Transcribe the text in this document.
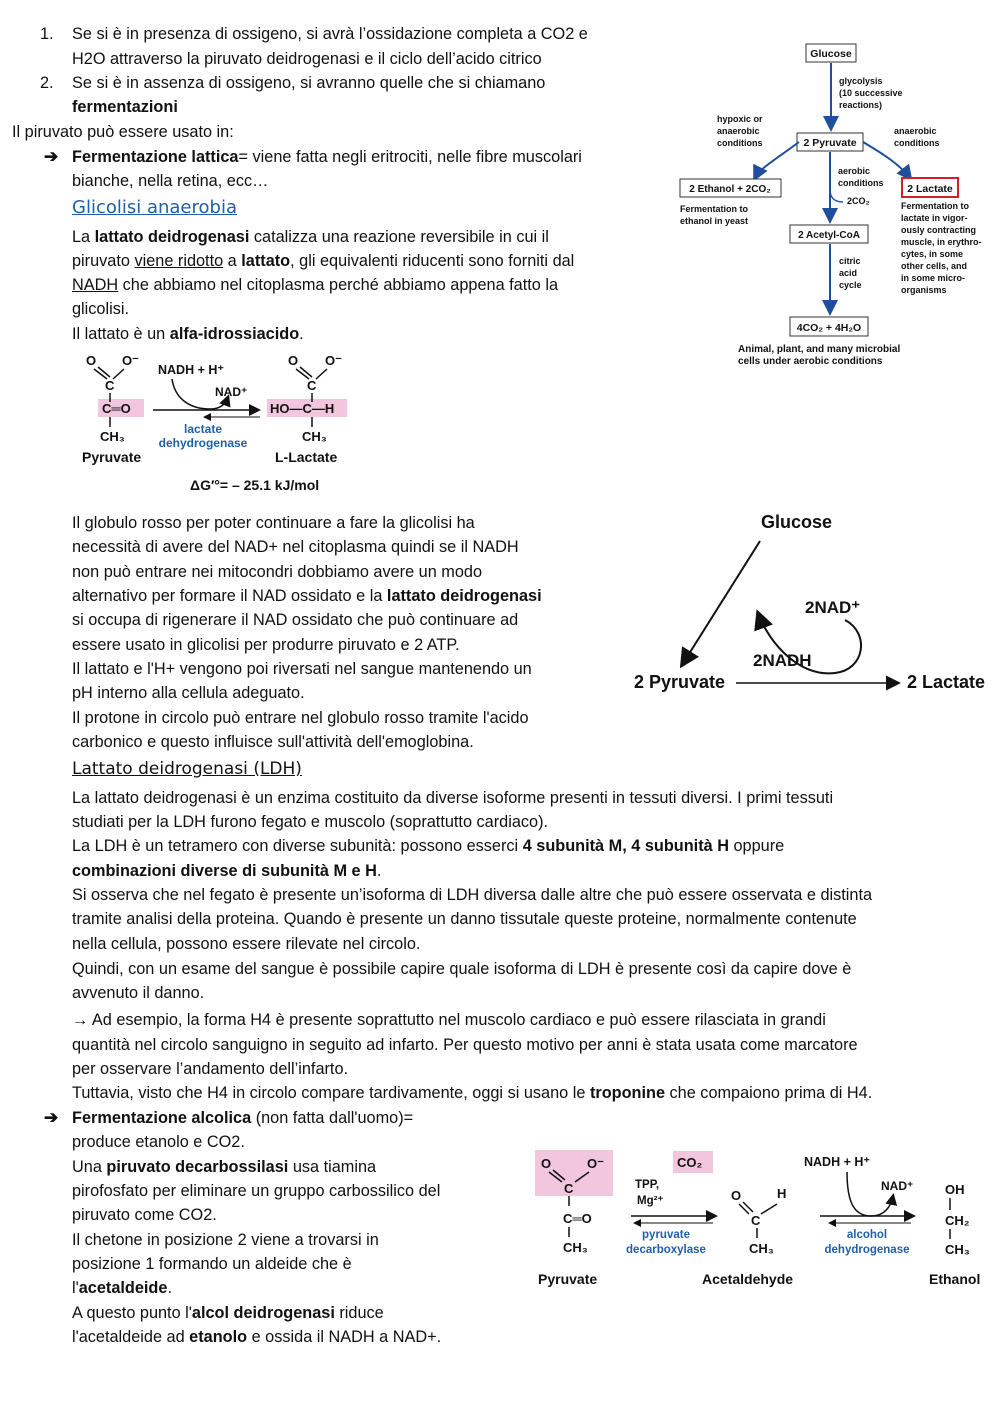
1. Se si è in presenza di ossigeno, si avrà l’ossidazione completa a CO2 e
H2O attraverso la piruvato deidrogenasi e il ciclo dell’acido citrico
2. Se si è in assenza di ossigeno, si avranno quelle che si chiamano
fermentazioni
Il piruvato può essere usato in:
➔ Fermentazione lattica= viene fatta negli eritrociti, nelle fibre muscolari
bianche, nella retina, ecc…
Glicolisi anaerobia
La lattato deidrogenasi catalizza una reazione reversibile in cui il
piruvato viene ridotto a lattato, gli equivalenti riducenti sono forniti dal
NADH che abbiamo nel citoplasma perché abbiamo appena fatto la
glicolisi.
Il lattato è un alfa-idrossiacido.
Glucose
glycolysis
(10 successive
reactions)
hypoxic or
anaerobic
conditions	2 Pyruvate
anaerobic
conditions
aerobic
conditions
2CO₂
2 Ethanol + 2CO₂
Fermentation to
ethanol in yeast
2 Lactate
Fermentation to
lactate in vigor-
ously contracting
muscle, in erythro-
cytes, in some
other cells, and
in some micro-
organisms
2 Acetyl-CoA
citric
acid
cycle
4CO₂ + 4H₂O
Animal, plant, and many microbial
cells under aerobic conditions
O O⁻
C
C═O
CH₃
Pyruvate
NADH + H⁺
NAD⁺
lactate
dehydrogenase
O O⁻
C
HO—C—H
CH₃
L-Lactate
ΔG′°= – 25.1 kJ/mol
Il globulo rosso per poter continuare a fare la glicolisi ha
necessità di avere del NAD+ nel citoplasma quindi se il NADH
non può entrare nei mitocondri dobbiamo avere un modo
alternativo per formare il NAD ossidato e la lattato deidrogenasi
si occupa di rigenerare il NAD ossidato che può continuare ad
essere usato in glicolisi per produrre piruvato e 2 ATP.
Il lattato e l'H+ vengono poi riversati nel sangue mantenendo un
pH interno alla cellula adeguato.
Il protone in circolo può entrare nel globulo rosso tramite l'acido
carbonico e questo influisce sull'attività dell'emoglobina.
Glucose
2NAD⁺
2NADH
2 Pyruvate	2 Lactate
Lattato deidrogenasi (LDH)
La lattato deidrogenasi è un enzima costituito da diverse isoforme presenti in tessuti diversi. I primi tessuti
studiati per la LDH furono fegato e muscolo (soprattutto cardiaco).
La LDH è un tetramero con diverse subunità: possono esserci 4 subunità M, 4 subunità H oppure
combinazioni diverse di subunità M e H.
Si osserva che nel fegato è presente un’isoforma di LDH diversa dalle altre che può essere osservata e distinta
tramite analisi della proteina. Quando è presente un danno tissutale queste proteine, normalmente contenute
nella cellula, possono essere rilevate nel circolo.
Quindi, con un esame del sangue è possibile capire quale isoforma di LDH è presente così da capire dove è
avvenuto il danno.
→ Ad esempio, la forma H4 è presente soprattutto nel muscolo cardiaco e può essere rilasciata in grandi
quantità nel circolo sanguigno in seguito ad infarto. Per questo motivo per anni è stata usata come marcatore
per osservare l’andamento dell’infarto.
Tuttavia, visto che H4 in circolo compare tardivamente, oggi si usano le troponine che compaiono prima di H4.
➔ Fermentazione alcolica (non fatta dall'uomo)=
produce etanolo e CO2.
Una piruvato decarbossilasi usa tiamina
pirofosfato per eliminare un gruppo carbossilico del
piruvato come CO2.
Il chetone in posizione 2 viene a trovarsi in
posizione 1 formando un aldeide che è
l'acetaldeide.
A questo punto l'alcol deidrogenasi riduce
l'acetaldeide ad etanolo e ossida il NADH a NAD+.
O	O⁻
C
C═O
CH₃
Pyruvate
CO₂
TPP,
Mg²⁺
pyruvate
decarboxylase
O	H
C
CH₃
Acetaldehyde
NADH + H⁺
NAD⁺
alcohol
dehydrogenase
OH
CH₂
CH₃
Ethanol
